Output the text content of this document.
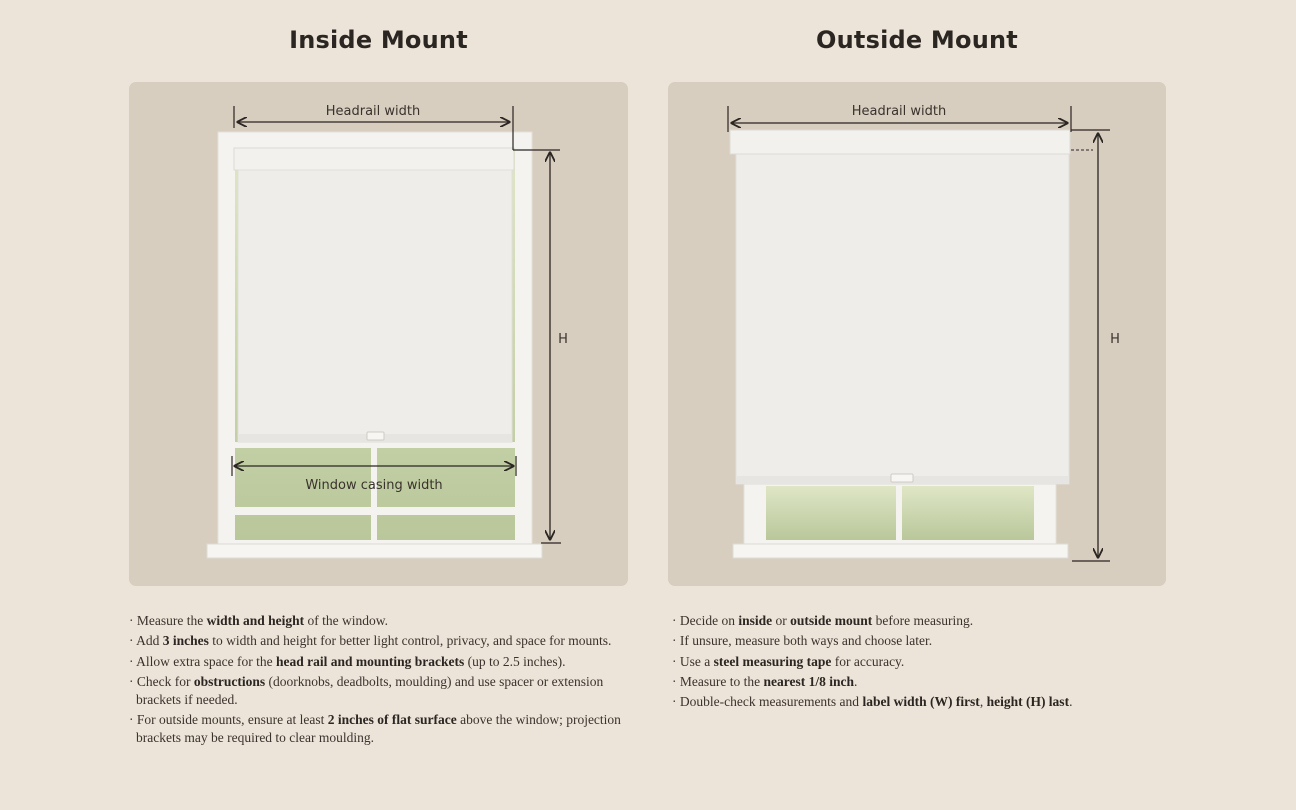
Inside Mount	Outside Mount
Headrail width
H
Window casing width
Headrail width
H
· Measure the width and height of the window.
· Add 3 inches to width and height for better light control, privacy, and space for mounts.
· Allow extra space for the head rail and mounting brackets (up to 2.5 inches).
· Check for obstructions (doorknobs, deadbolts, moulding) and use spacer or extension brackets if needed.
· For outside mounts, ensure at least 2 inches of flat surface above the window; projection brackets may be required to clear moulding.
· Decide on inside or outside mount before measuring.
· If unsure, measure both ways and choose later.
· Use a steel measuring tape for accuracy.
· Measure to the nearest 1/8 inch.
· Double-check measurements and label width (W) first, height (H) last.
